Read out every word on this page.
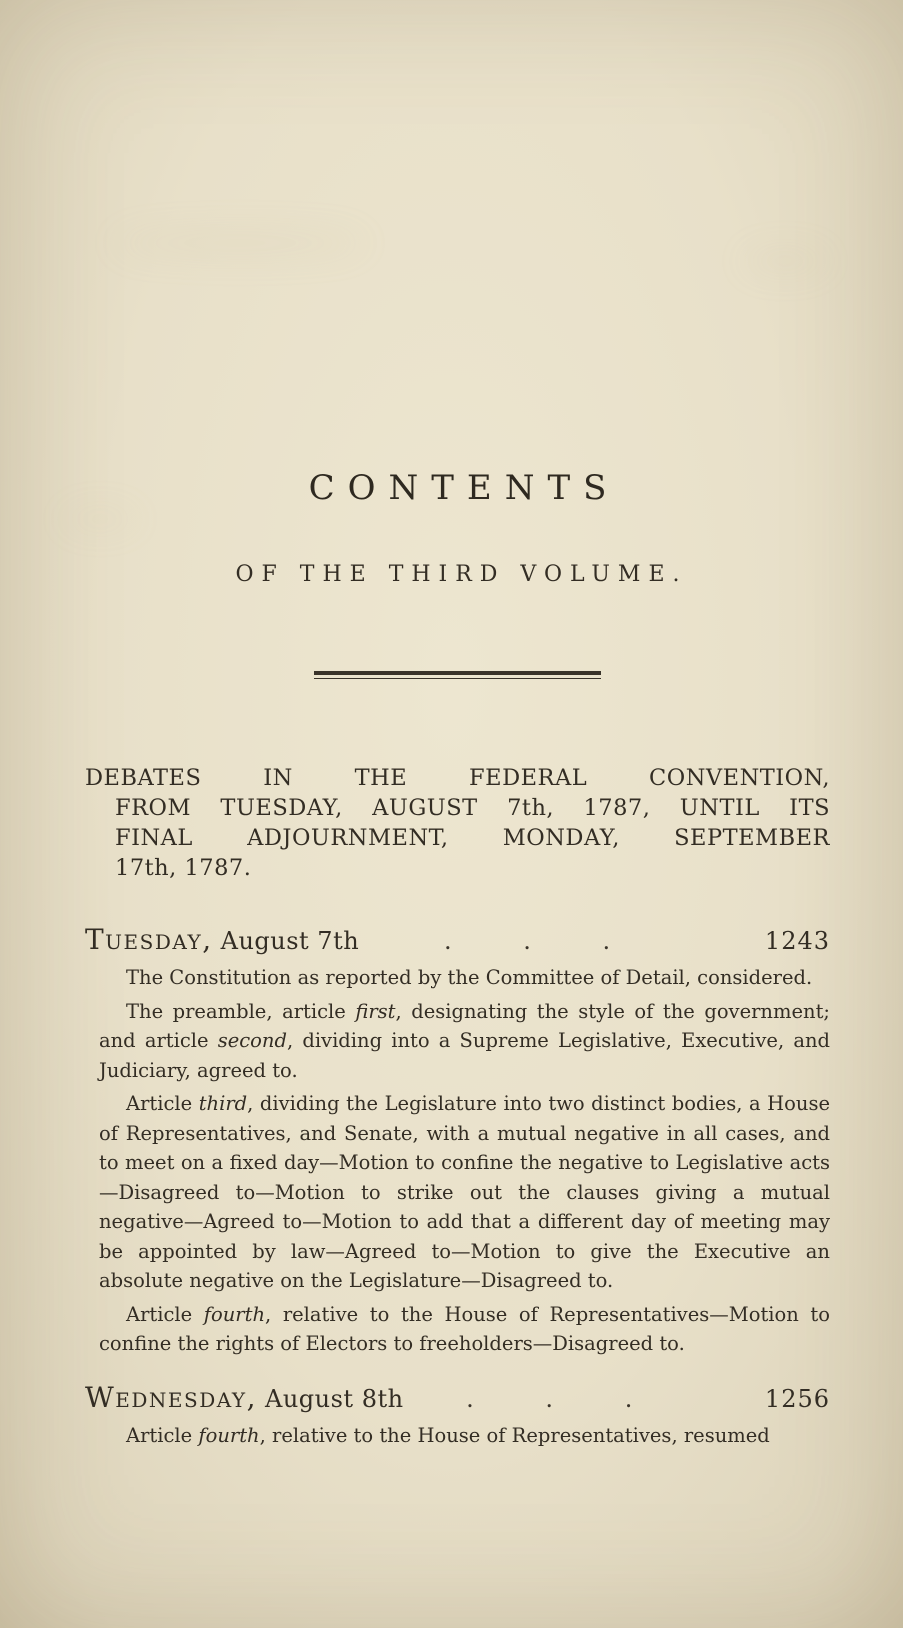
CONTENTS
OF THE THIRD VOLUME.
DEBATES IN THE FEDERAL CONVENTION,
FROM TUESDAY, AUGUST 7th, 1787, UNTIL ITS
FINAL ADJOURNMENT, MONDAY, SEPTEMBER
17th, 1787.
Tuesday, August 7th	. . .	1243

The Constitution as reported by the Committee of Detail, considered.

The preamble, article first, designating the style of the government; and article second, dividing into a Supreme Legislative, Executive, and Judiciary, agreed to.

Article third, dividing the Legislature into two distinct bodies, a House of Representatives, and Senate, with a mutual negative in all cases, and to meet on a fixed day—Motion to confine the negative to Legislative acts—Disagreed to—Motion to strike out the clauses giving a mutual negative—Agreed to—Motion to add that a different day of meeting may be appointed by law—Agreed to—Motion to give the Executive an absolute negative on the Legislature—Disagreed to.

Article fourth, relative to the House of Representatives—Motion to confine the rights of Electors to freeholders—Disagreed to.

Wednesday, August 8th	. . .	1256

Article fourth, relative to the House of Representatives, resumed
